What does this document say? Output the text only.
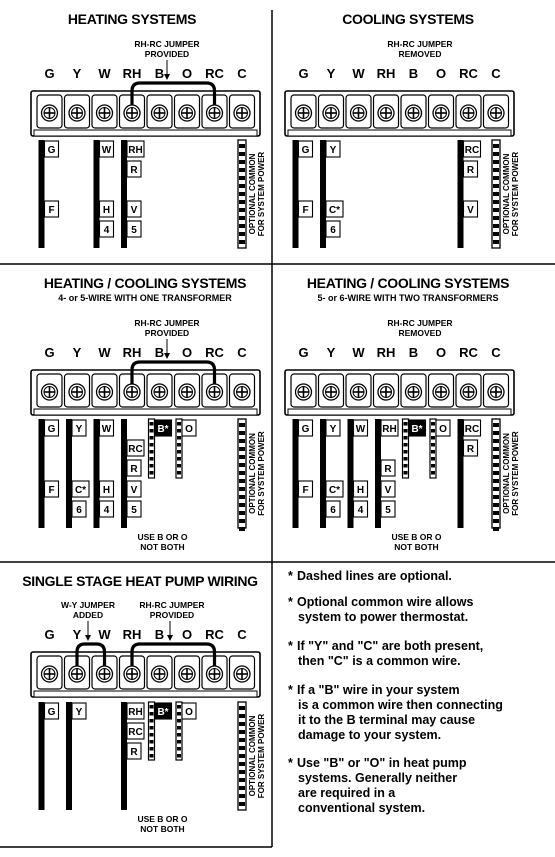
HEATING SYSTEMS
G Y W RH B O RC C
RH-RC JUMPER
PROVIDED
OPTIONAL COMMON FOR SYSTEM POWER
G
F
W
H
4
RH
R
V
5
COOLING SYSTEMS
G Y W RH B O RC C
RH-RC JUMPER
REMOVED
OPTIONAL COMMON FOR SYSTEM POWER
G
F
Y
C*
6
RC
R
V
HEATING / COOLING SYSTEMS
4- or 5-WIRE WITH ONE TRANSFORMER
G Y W RH B O RC C
RH-RC JUMPER
PROVIDED
OPTIONAL COMMON FOR SYSTEM POWER
G
F
Y
C*
6
W
H
4
RC
R
V
5
B* O
USE B OR O
NOT BOTH
HEATING / COOLING SYSTEMS
5- or 6-WIRE WITH TWO TRANSFORMERS
G Y W RH B O RC C
RH-RC JUMPER
REMOVED
OPTIONAL COMMON FOR SYSTEM POWER
G
F
Y
C*
6
W
H
4
RH
R
V
5
B* O RC
R
USE B OR O
NOT BOTH
SINGLE STAGE HEAT PUMP WIRING
G Y W RH B O RC C
W-Y JUMPER
ADDED
RH-RC JUMPER
PROVIDED
OPTIONAL COMMON FOR SYSTEM POWER
G Y	RH
RC
R
B* O
USE B OR O
NOT BOTH
* Dashed lines are optional.
* Optional common wire allows
system to power thermostat.
* If "Y" and "C" are both present,
then "C" is a common wire.
* If a "B" wire in your system
is a common wire then connecting
it to the B terminal may cause
damage to your system.
* Use "B" or "O" in heat pump
systems. Generally neither
are required in a
conventional system.
